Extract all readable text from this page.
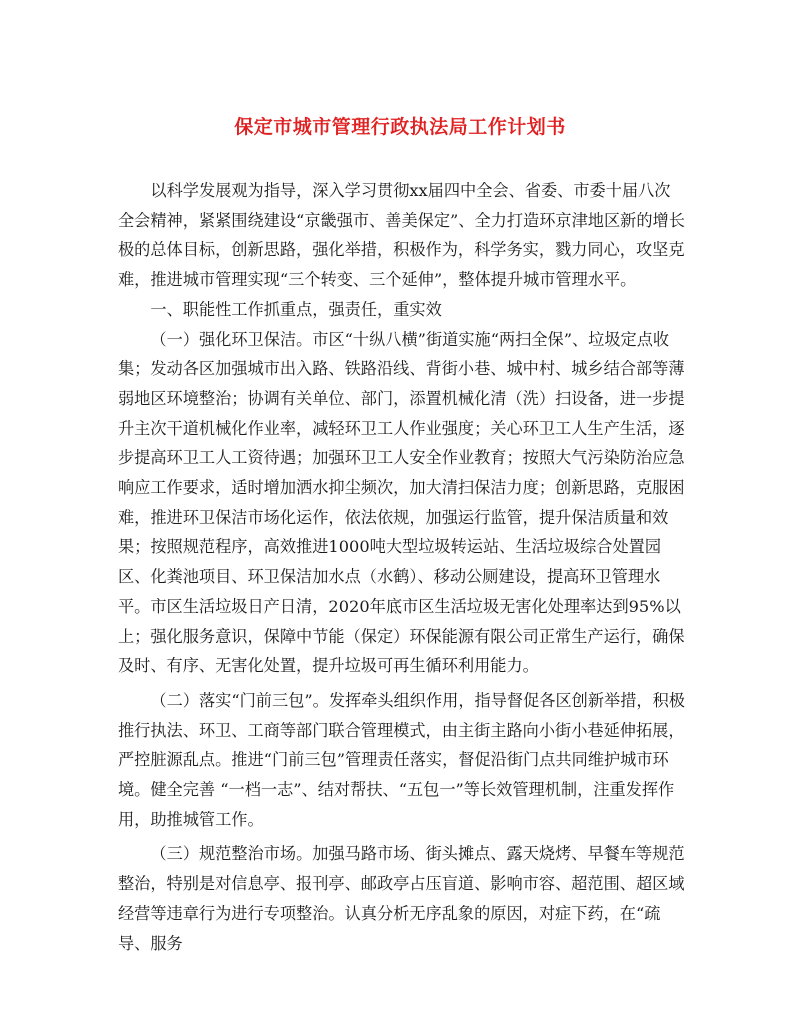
保定市城市管理行政执法局工作计划书

以科学发展观为指导，深入学习贯彻xx届四中全会、省委、市委十届八次全会精神，紧紧围绕建设“京畿强市、善美保定”、全力打造环京津地区新的增长极的总体目标，创新思路，强化举措，积极作为，科学务实，戮力同心，攻坚克难，推进城市管理实现“三个转变、三个延伸”，整体提升城市管理水平。

一、职能性工作抓重点，强责任，重实效

（一）强化环卫保洁。市区“十纵八横”街道实施“两扫全保”、垃圾定点收集；发动各区加强城市出入路、铁路沿线、背街小巷、城中村、城乡结合部等薄弱地区环境整治；协调有关单位、部门，添置机械化清（洗）扫设备，进一步提升主次干道机械化作业率，减轻环卫工人作业强度；关心环卫工人生产生活，逐步提高环卫工人工资待遇；加强环卫工人安全作业教育；按照大气污染防治应急响应工作要求，适时增加洒水抑尘频次，加大清扫保洁力度；创新思路，克服困难，推进环卫保洁市场化运作，依法依规，加强运行监管，提升保洁质量和效果；按照规范程序，高效推进1000吨大型垃圾转运站、生活垃圾综合处置园区、化粪池项目、环卫保洁加水点（水鹤）、移动公厕建设，提高环卫管理水平。市区生活垃圾日产日清，2020年底市区生活垃圾无害化处理率达到95%以上；强化服务意识，保障中节能（保定）环保能源有限公司正常生产运行，确保及时、有序、无害化处置，提升垃圾可再生循环利用能力。

（二）落实“门前三包”。发挥牵头组织作用，指导督促各区创新举措，积极推行执法、环卫、工商等部门联合管理模式，由主街主路向小街小巷延伸拓展，严控脏源乱点。推进“门前三包”管理责任落实，督促沿街门点共同维护城市环境。健全完善 “一档一志”、结对帮扶、“五包一”等长效管理机制，注重发挥作用，助推城管工作。

（三）规范整治市场。加强马路市场、街头摊点、露天烧烤、早餐车等规范整治，特别是对信息亭、报刊亭、邮政亭占压盲道、影响市容、超范围、超区域经营等违章行为进行专项整治。认真分析无序乱象的原因，对症下药，在“疏导、服务
